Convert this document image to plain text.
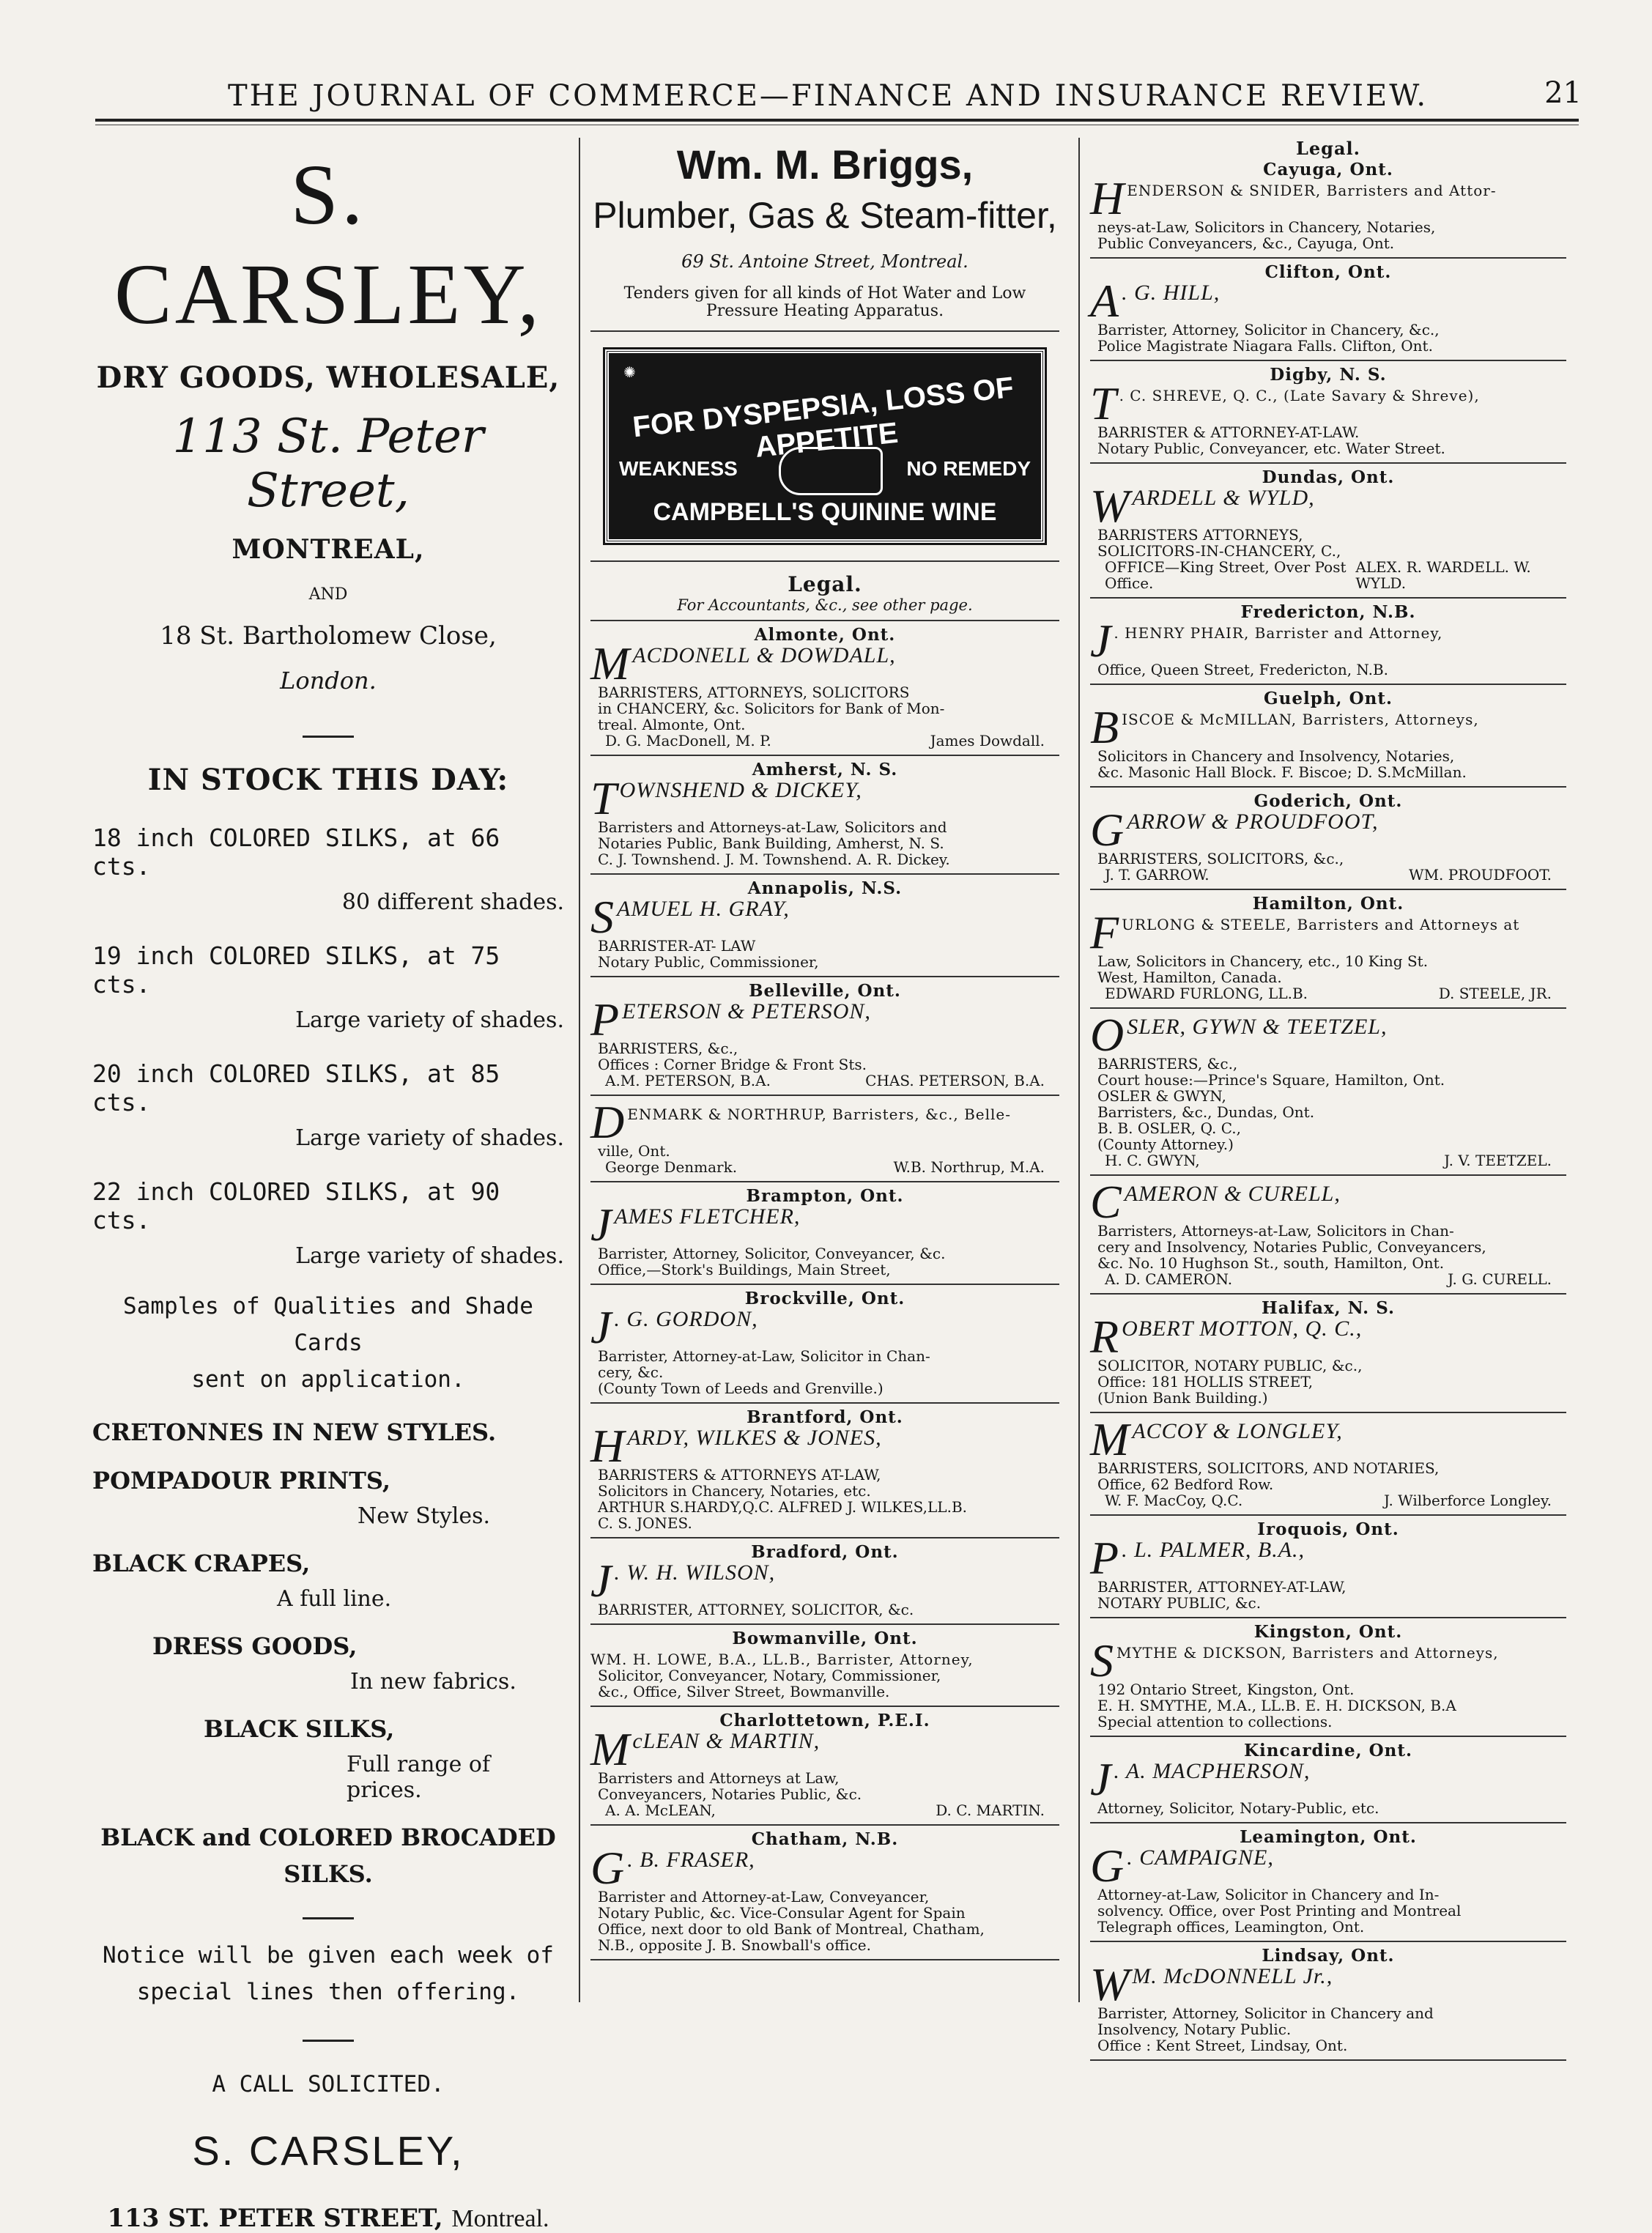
THE JOURNAL OF COMMERCE—FINANCE AND INSURANCE REVIEW.	21
S. CARSLEY,
DRY GOODS, WHOLESALE,
113 St. Peter Street,
MONTREAL,
AND
18 St. Bartholomew Close,
London.
IN STOCK THIS DAY:
18 inch COLORED SILKS, at 66 cts.
80 different shades.
19 inch COLORED SILKS, at 75 cts.
Large variety of shades.
20 inch COLORED SILKS, at 85 cts.
Large variety of shades.
22 inch COLORED SILKS, at 90 cts.
Large variety of shades.
Samples of Qualities and Shade Cards
sent on application.
CRETONNES IN NEW STYLES.
POMPADOUR PRINTS,
New Styles.
BLACK CRAPES,
A full line.
DRESS GOODS,
In new fabrics.
BLACK SILKS,
Full range of prices.
BLACK and COLORED BROCADED
SILKS.
Notice will be given each week of
special lines then offering.
A CALL SOLICITED.
S. CARSLEY,
113 ST. PETER STREET, Montreal.
Wm. M. Briggs,
Plumber, Gas & Steam-fitter,
69 St. Antoine Street, Montreal.
Tenders given for all kinds of Hot Water and Low
Pressure Heating Apparatus.
✺
FOR DYSPEPSIA, LOSS OF APPETITE
WEAKNESS	NO REMEDY
CAMPBELL'S QUININE WINE
Legal.
For Accountants, &c., see other page.
Almonte, Ont.
M ACDONELL & DOWDALL,
BARRISTERS, ATTORNEYS, SOLICITORS
in CHANCERY, &c. Solicitors for Bank of Mon-
treal. Almonte, Ont.
D. G. MacDonell, M. P.	James Dowdall.
Amherst, N. S.
T OWNSHEND & DICKEY,
Barristers and Attorneys-at-Law, Solicitors and
Notaries Public, Bank Building, Amherst, N. S.
C. J. Townshend. J. M. Townshend. A. R. Dickey.
Annapolis, N.S.
S AMUEL H. GRAY,
BARRISTER-AT- LAW
Notary Public, Commissioner,
Belleville, Ont.
P ETERSON & PETERSON,
BARRISTERS, &c.,
Offices : Corner Bridge & Front Sts.
A.M. PETERSON, B.A.	CHAS. PETERSON, B.A.
D ENMARK & NORTHRUP, Barristers, &c., Belle-
ville, Ont.
George Denmark.	W.B. Northrup, M.A.
Brampton, Ont.
J AMES FLETCHER,
Barrister, Attorney, Solicitor, Conveyancer, &c.
Office,—Stork's Buildings, Main Street,
Brockville, Ont.
J . G. GORDON,
Barrister, Attorney-at-Law, Solicitor in Chan-
cery, &c.
(County Town of Leeds and Grenville.)
Brantford, Ont.
H ARDY, WILKES & JONES,
BARRISTERS & ATTORNEYS AT-LAW,
Solicitors in Chancery, Notaries, etc.
ARTHUR S.HARDY,Q.C. ALFRED J. WILKES,LL.B.
C. S. JONES.
Bradford, Ont.
J . W. H. WILSON,
BARRISTER, ATTORNEY, SOLICITOR, &c.
Bowmanville, Ont.
WM. H. LOWE, B.A., LL.B., Barrister, Attorney,
Solicitor, Conveyancer, Notary, Commissioner,
&c., Office, Silver Street, Bowmanville.
Charlottetown, P.E.I.
M cLEAN & MARTIN,
Barristers and Attorneys at Law,
Conveyancers, Notaries Public, &c.
A. A. McLEAN,	D. C. MARTIN.
Chatham, N.B.
G . B. FRASER,
Barrister and Attorney-at-Law, Conveyancer,
Notary Public, &c. Vice-Consular Agent for Spain
Office, next door to old Bank of Montreal, Chatham,
N.B., opposite J. B. Snowball's office.
Legal.
Cayuga, Ont.
H ENDERSON & SNIDER, Barristers and Attor-
neys-at-Law, Solicitors in Chancery, Notaries,
Public Conveyancers, &c., Cayuga, Ont.
Clifton, Ont.
A . G. HILL,
Barrister, Attorney, Solicitor in Chancery, &c.,
Police Magistrate Niagara Falls. Clifton, Ont.
Digby, N. S.
T . C. SHREVE, Q. C., (Late Savary & Shreve),
BARRISTER & ATTORNEY-AT-LAW.
Notary Public, Conveyancer, etc. Water Street.
Dundas, Ont.
W ARDELL & WYLD,
BARRISTERS ATTORNEYS,
SOLICITORS-IN-CHANCERY, C.,
OFFICE—King Street, Over Post Office.
ALEX. R. WARDELL. W. WYLD.
Fredericton, N.B.
J . HENRY PHAIR, Barrister and Attorney,
Office, Queen Street, Fredericton, N.B.
Guelph, Ont.
B ISCOE & McMILLAN, Barristers, Attorneys,
Solicitors in Chancery and Insolvency, Notaries,
&c. Masonic Hall Block. F. Biscoe; D. S.McMillan.
Goderich, Ont.
G ARROW & PROUDFOOT,
BARRISTERS, SOLICITORS, &c.,
J. T. GARROW.	WM. PROUDFOOT.
Hamilton, Ont.
F URLONG & STEELE, Barristers and Attorneys at
Law, Solicitors in Chancery, etc., 10 King St.
West, Hamilton, Canada.
EDWARD FURLONG, LL.B.	D. STEELE, JR.
O SLER, GYWN & TEETZEL,
BARRISTERS, &c.,
Court house:—Prince's Square, Hamilton, Ont.
OSLER & GWYN,
Barristers, &c., Dundas, Ont.
B. B. OSLER, Q. C.,
(County Attorney.)
H. C. GWYN,	J. V. TEETZEL.
C AMERON & CURELL,
Barristers, Attorneys-at-Law, Solicitors in Chan-
cery and Insolvency, Notaries Public, Conveyancers,
&c. No. 10 Hughson St., south, Hamilton, Ont.
A. D. CAMERON.	J. G. CURELL.
Halifax, N. S.
R OBERT MOTTON, Q. C.,
SOLICITOR, NOTARY PUBLIC, &c.,
Office: 181 HOLLIS STREET,
(Union Bank Building.)
M ACCOY & LONGLEY,
BARRISTERS, SOLICITORS, AND NOTARIES,
Office, 62 Bedford Row.
W. F. MacCoy, Q.C.	J. Wilberforce Longley.
Iroquois, Ont.
P . L. PALMER, B.A.,
BARRISTER, ATTORNEY-AT-LAW,
NOTARY PUBLIC, &c.
Kingston, Ont.
S MYTHE & DICKSON, Barristers and Attorneys,
192 Ontario Street, Kingston, Ont.
E. H. SMYTHE, M.A., LL.B. E. H. DICKSON, B.A
Special attention to collections.
Kincardine, Ont.
J . A. MACPHERSON,
Attorney, Solicitor, Notary-Public, etc.
Leamington, Ont.
G . CAMPAIGNE,
Attorney-at-Law, Solicitor in Chancery and In-
solvency. Office, over Post Printing and Montreal
Telegraph offices, Leamington, Ont.
Lindsay, Ont.
W M. McDONNELL Jr.,
Barrister, Attorney, Solicitor in Chancery and
Insolvency, Notary Public.
Office : Kent Street, Lindsay, Ont.
